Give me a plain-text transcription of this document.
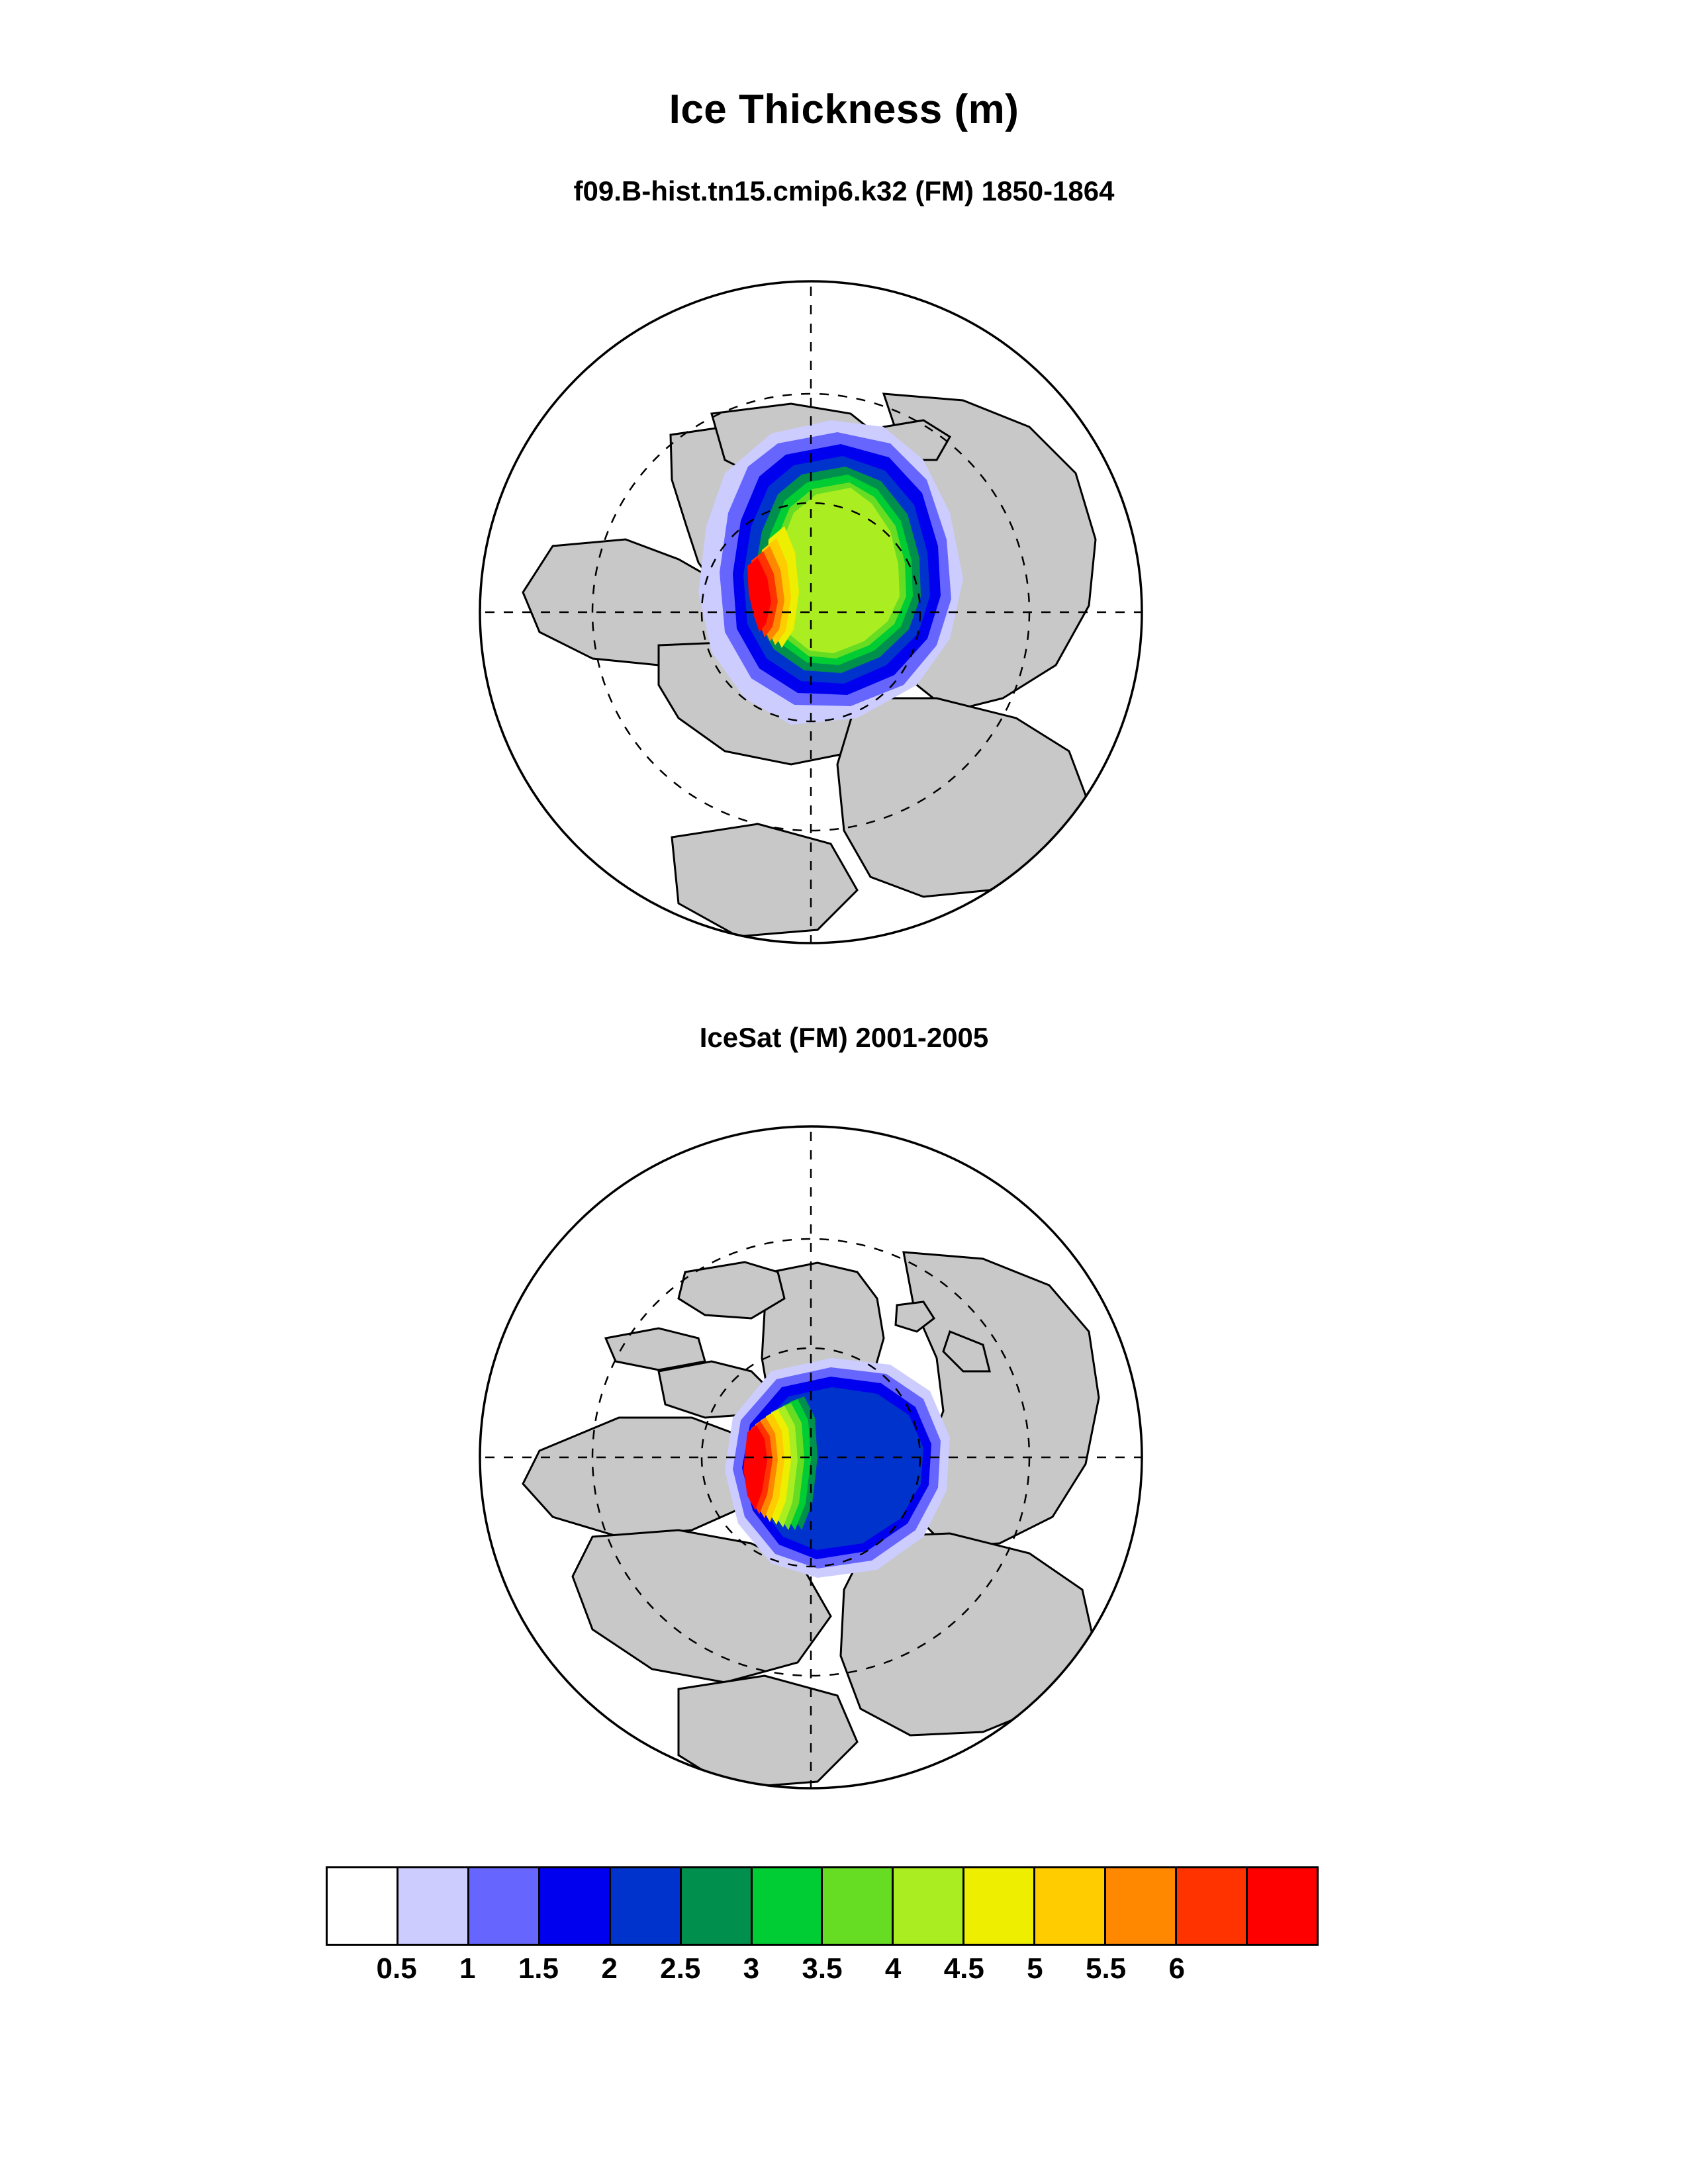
Ice Thickness (m)
f09.B-hist.tn15.cmip6.k32 (FM) 1850-1864
IceSat (FM) 2001-2005
0.5 1 1.5 2 2.5 3 3.5 4 4.5 5 5.5 6
